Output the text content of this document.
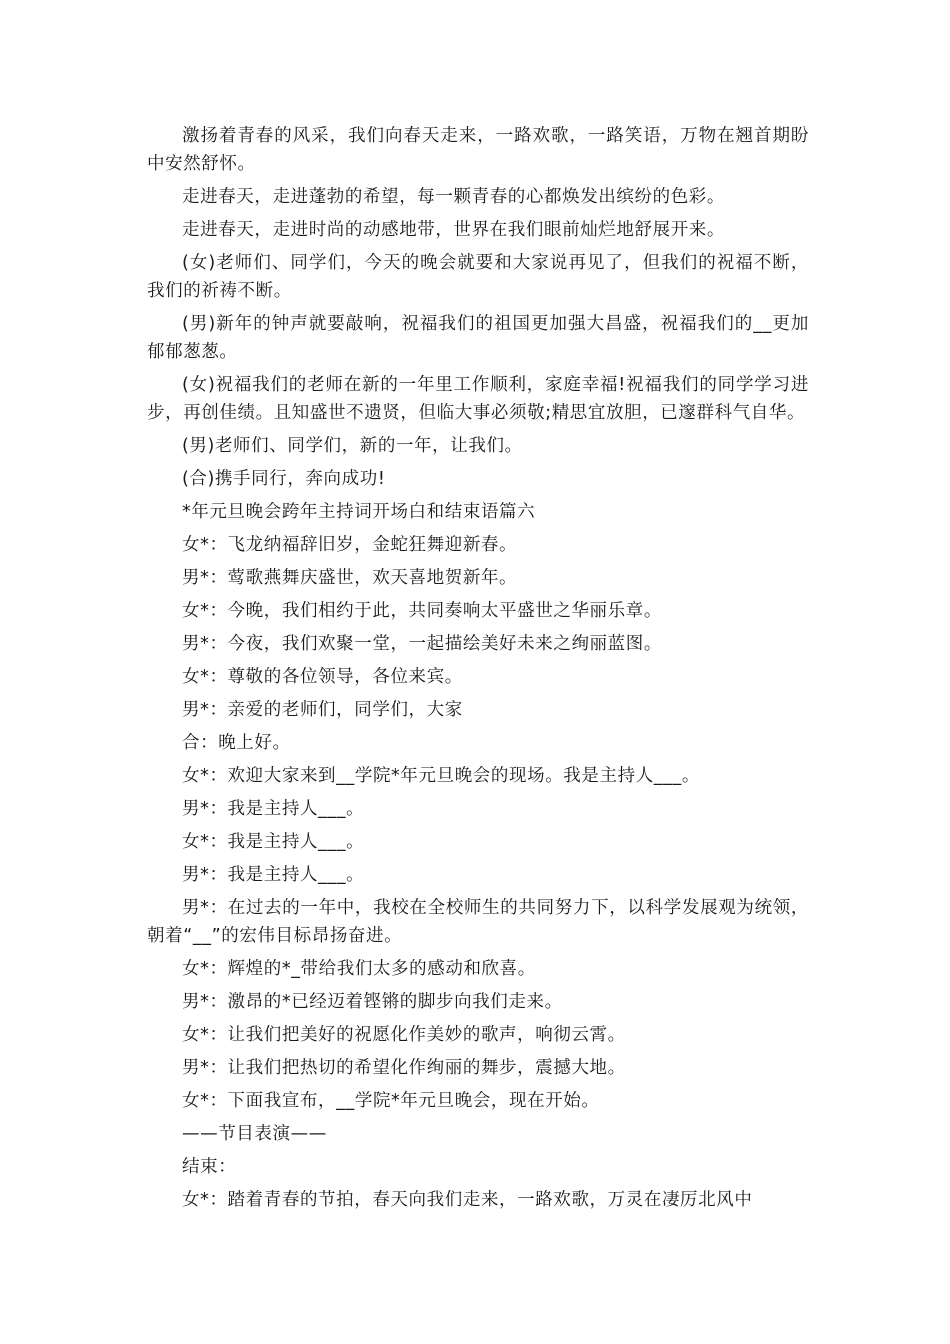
激扬着青春的风采，我们向春天走来，一路欢歌，一路笑语，万物在翘首期盼中安然舒怀。

走进春天，走进蓬勃的希望，每一颗青春的心都焕发出缤纷的色彩。

走进春天，走进时尚的动感地带，世界在我们眼前灿烂地舒展开来。

(女)老师们、同学们，今天的晚会就要和大家说再见了，但我们的祝福不断，我们的祈祷不断。

(男)新年的钟声就要敲响，祝福我们的祖国更加强大昌盛，祝福我们的__更加郁郁葱葱。

(女)祝福我们的老师在新的一年里工作顺利，家庭幸福!祝福我们的同学学习进步，再创佳绩。且知盛世不遗贤，但临大事必须敬;精思宜放胆，已邃群科气自华。

(男)老师们、同学们，新的一年，让我们。

(合)携手同行，奔向成功!

*年元旦晚会跨年主持词开场白和结束语篇六

女*：飞龙纳福辞旧岁，金蛇狂舞迎新春。

男*：莺歌燕舞庆盛世，欢天喜地贺新年。

女*：今晚，我们相约于此，共同奏响太平盛世之华丽乐章。

男*：今夜，我们欢聚一堂，一起描绘美好未来之绚丽蓝图。

女*：尊敬的各位领导，各位来宾。

男*：亲爱的老师们，同学们，大家

合：晚上好。

女*：欢迎大家来到__学院*年元旦晚会的现场。我是主持人___。

男*：我是主持人___。

女*：我是主持人___。

男*：我是主持人___。

男*：在过去的一年中，我校在全校师生的共同努力下，以科学发展观为统领，朝着“__”的宏伟目标昂扬奋进。

女*：辉煌的*_带给我们太多的感动和欣喜。

男*：激昂的*已经迈着铿锵的脚步向我们走来。

女*：让我们把美好的祝愿化作美妙的歌声，响彻云霄。

男*：让我们把热切的希望化作绚丽的舞步，震撼大地。

女*：下面我宣布，__学院*年元旦晚会，现在开始。

——节目表演——

结束：

女*：踏着青春的节拍，春天向我们走来，一路欢歌，万灵在凄厉北风中
